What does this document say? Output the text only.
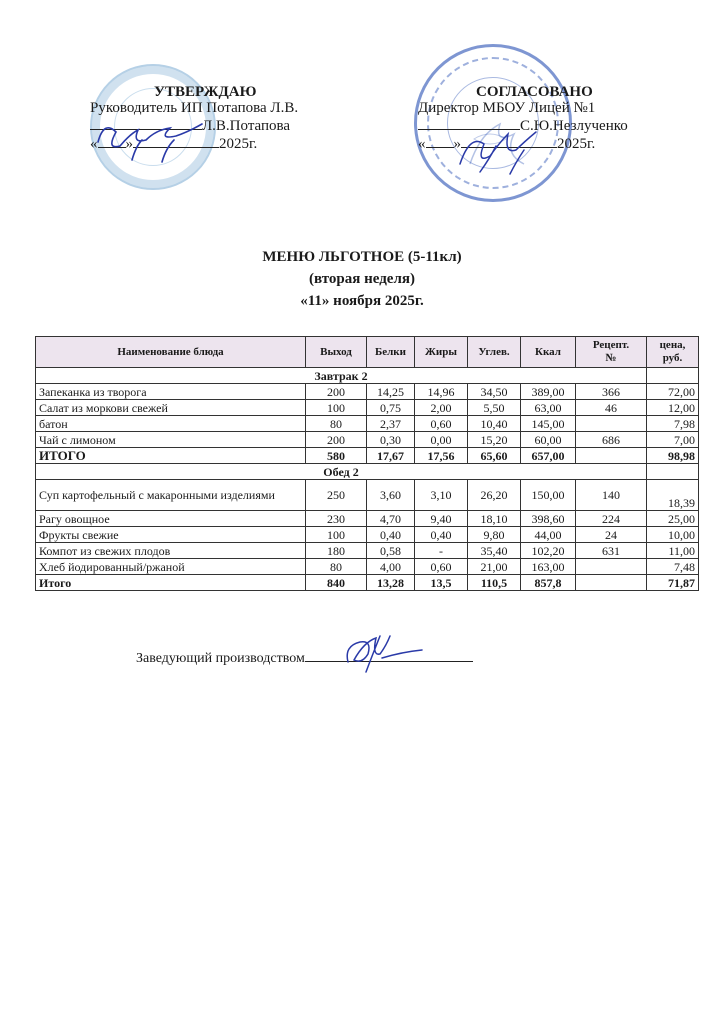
УТВЕРЖДАЮ
Руководитель ИП Потапова Л.В.
Л.В.Потапова
« »	2025г.
СОГЛАСОВАНО
Директор МБОУ Лицей №1
С.Ю.Незлученко
« »	2025г.
МЕНЮ ЛЬГОТНОЕ (5-11кл)
(вторая неделя)
«11» ноября 2025г.
Наименование блюда	Выход	Белки	Жиры	Углев.	Ккал	Рецепт. №	цена, руб.
Завтрак 2							
Запеканка из творога	200	14,25	14,96	34,50	389,00	366	72,00
Салат из моркови свежей	100	0,75	2,00	5,50	63,00	46	12,00
батон	80	2,37	0,60	10,40	145,00		7,98
Чай с лимоном	200	0,30	0,00	15,20	60,00	686	7,00
ИТОГО	580	17,67	17,56	65,60	657,00		98,98
Обед 2							
Суп картофельный с макаронными изделиями	250	3,60	3,10	26,20	150,00	140	18,39
Рагу овощное	230	4,70	9,40	18,10	398,60	224	25,00
Фрукты свежие	100	0,40	0,40	9,80	44,00	24	10,00
Компот из свежих плодов	180	0,58	-	35,40	102,20	631	11,00
Хлеб йодированный/ржаной	80	4,00	0,60	21,00	163,00		7,48
Итого	840	13,28	13,5	110,5	857,8		71,87
Заведующий производством
